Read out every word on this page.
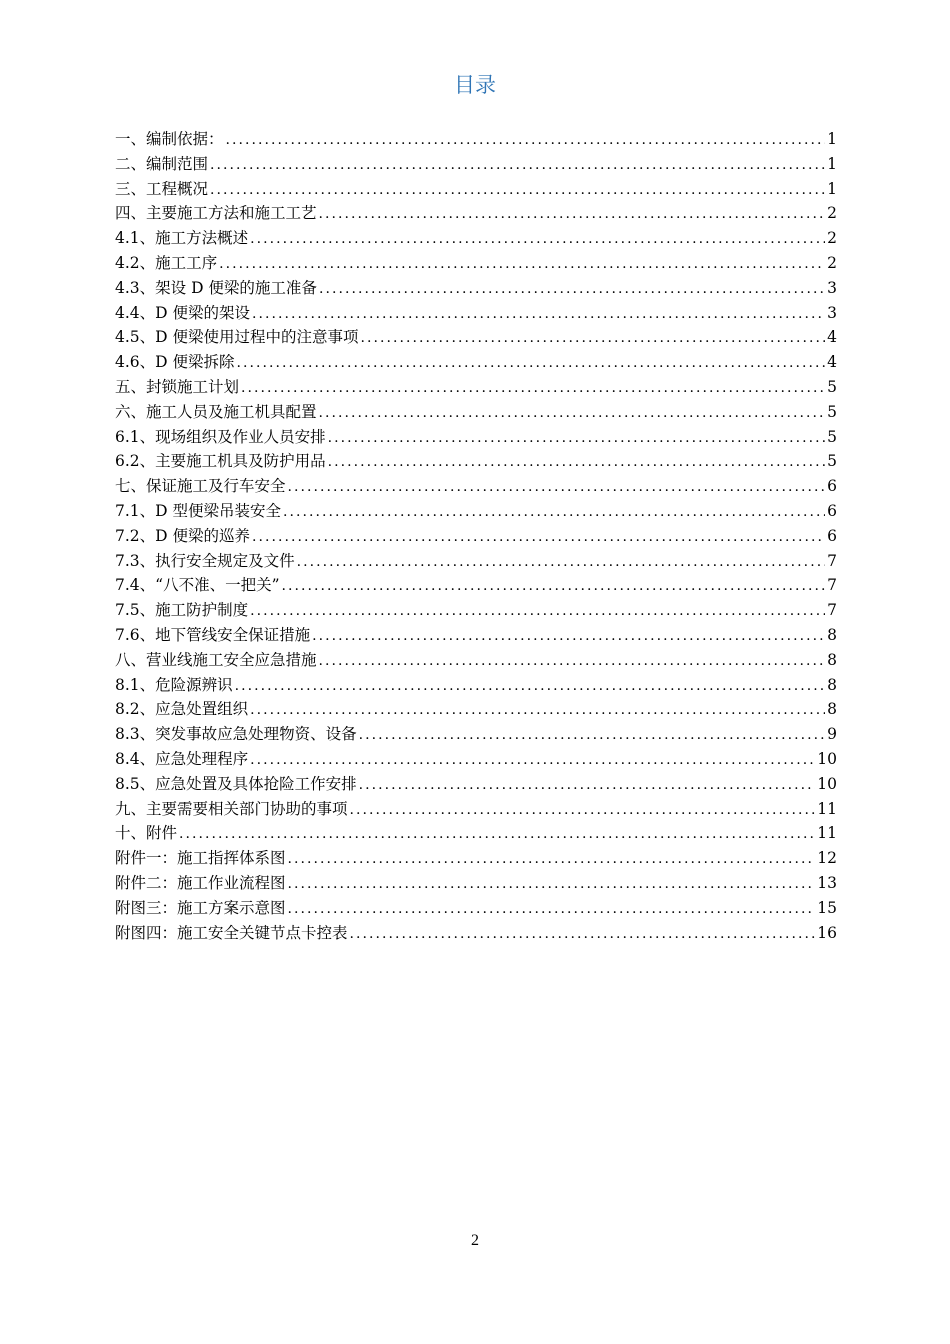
目录
一、编制依据： . . .	1
二、编制范围 . . .	1
三、工程概况 . . .	1
四、主要施工方法和施工工艺 . . .	2
4.1、施工方法概述 . . .	2
4.2、施工工序 . . .	2
4.3、架设 D 便梁的施工准备 . . .	3
4.4、D 便梁的架设 . . .	3
4.5、D 便梁使用过程中的注意事项 . . .	4
4.6、D 便梁拆除 . . .	4
五、封锁施工计划 . . .	5
六、施工人员及施工机具配置 . . .	5
6.1、现场组织及作业人员安排 . . .	5
6.2、主要施工机具及防护用品 . . .	5
七、保证施工及行车安全 . . .	6
7.1、D 型便梁吊装安全 . . .	6
7.2、D 便梁的巡养 . . .	6
7.3、执行安全规定及文件 . . .	7
7.4、“八不准、一把关” . . .	7
7.5、施工防护制度 . . .	7
7.6、地下管线安全保证措施 . . .	8
八、营业线施工安全应急措施 . . .	8
8.1、危险源辨识 . . .	8
8.2、应急处置组织 . . .	8
8.3、突发事故应急处理物资、设备 . . .	9
8.4、应急处理程序 . . .	10
8.5、应急处置及具体抢险工作安排 . . .	10
九、主要需要相关部门协助的事项 . . .	11
十、附件 . . .	11
附件一：施工指挥体系图 . . .	12
附件二：施工作业流程图 . . .	13
附图三：施工方案示意图 . . .	15
附图四：施工安全关键节点卡控表 . . .	16
2
